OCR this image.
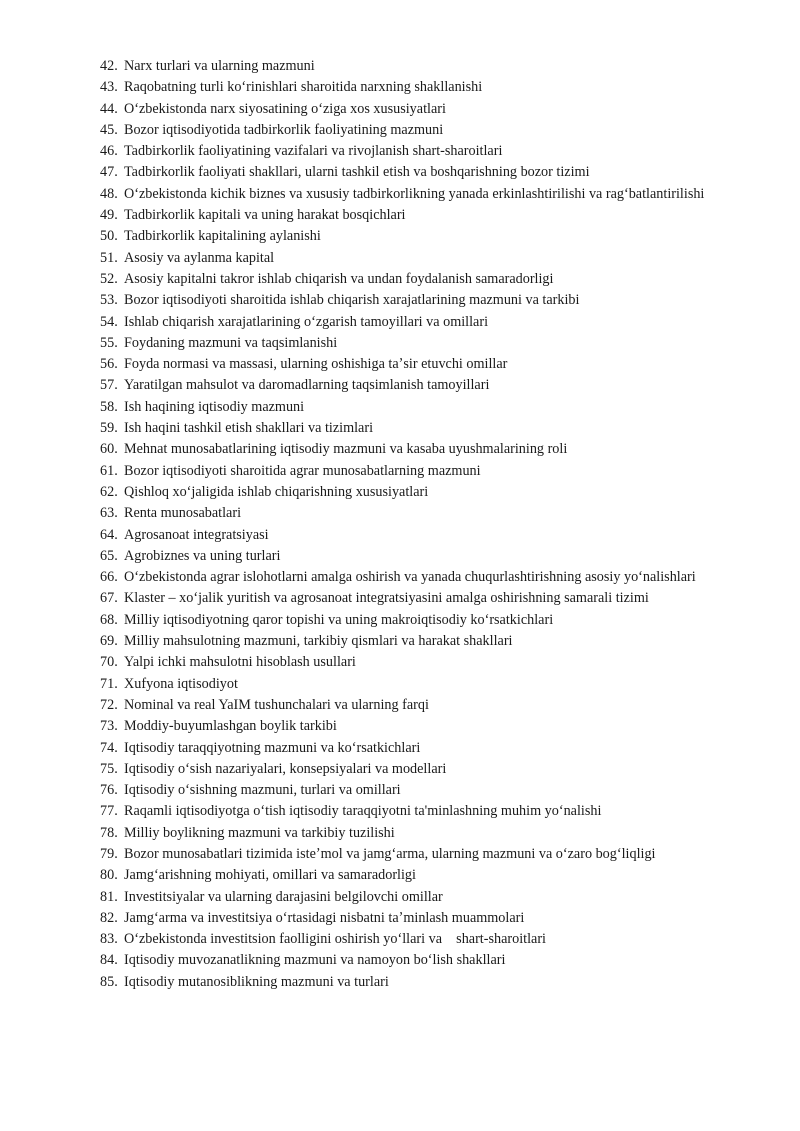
42. Narx turlari va ularning mazmuni
43. Raqobatning turli koʻrinishlari sharoitida narxning shakllanishi
44. Oʻzbekistonda narx siyosatining oʻziga xos xususiyatlari
45. Bozor iqtisodiyotida tadbirkorlik faoliyatining mazmuni
46. Tadbirkorlik faoliyatining vazifalari va rivojlanish shart-sharoitlari
47. Tadbirkorlik faoliyati shakllari, ularni tashkil etish va boshqarishning bozor tizimi
48. Oʻzbekistonda kichik biznes va xususiy tadbirkorlikning yanada erkinlashtirilishi va ragʻbatlantirilishi
49. Tadbirkorlik kapitali va uning harakat bosqichlari
50. Tadbirkorlik kapitalining aylanishi
51. Asosiy va aylanma kapital
52. Asosiy kapitalni takror ishlab chiqarish va undan foydalanish samaradorligi
53. Bozor iqtisodiyoti sharoitida ishlab chiqarish xarajatlarining mazmuni va tarkibi
54. Ishlab chiqarish xarajatlarining oʻzgarish tamoyillari va omillari
55. Foydaning mazmuni va taqsimlanishi
56. Foyda normasi va massasi, ularning oshishiga taʼsir etuvchi omillar
57. Yaratilgan mahsulot va daromadlarning taqsimlanish tamoyillari
58. Ish haqining iqtisodiy mazmuni
59. Ish haqini tashkil etish shakllari va tizimlari
60. Mehnat munosabatlarining iqtisodiy mazmuni va kasaba uyushmalarining roli
61. Bozor iqtisodiyoti sharoitida agrar munosabatlarning mazmuni
62. Qishloq xoʻjaligida ishlab chiqarishning xususiyatlari
63. Renta munosabatlari
64. Agrosanoat integratsiyasi
65. Agrobiznes va uning turlari
66. Oʻzbekistonda agrar islohotlarni amalga oshirish va yanada chuqurlashtirishning asosiy yoʻnalishlari
67. Klaster – xoʻjalik yuritish va agrosanoat integratsiyasini amalga oshirishning samarali tizimi
68. Milliy iqtisodiyotning qaror topishi va uning makroiqtisodiy koʻrsatkichlari
69. Milliy mahsulotning mazmuni, tarkibiy qismlari va harakat shakllari
70. Yalpi ichki mahsulotni hisoblash usullari
71. Xufyona iqtisodiyot
72. Nominal va real YaIM tushunchalari va ularning farqi
73. Moddiy-buyumlashgan boylik tarkibi
74. Iqtisodiy taraqqiyotning mazmuni va koʻrsatkichlari
75. Iqtisodiy oʻsish nazariyalari, konsepsiyalari va modellari
76. Iqtisodiy oʻsishning mazmuni, turlari va omillari
77. Raqamli iqtisodiyotga oʻtish iqtisodiy taraqqiyotni ta'minlashning muhim yoʻnalishi
78. Milliy boylikning mazmuni va tarkibiy tuzilishi
79. Bozor munosabatlari tizimida isteʼmol va jamgʻarma, ularning mazmuni va oʻzaro bogʻliqligi
80. Jamgʻarishning mohiyati, omillari va samaradorligi
81. Investitsiyalar va ularning darajasini belgilovchi omillar
82. Jamgʻarma va investitsiya oʻrtasidagi nisbatni taʼminlash muammolari
83. Oʻzbekistonda investitsion faolligini oshirish yoʻllari va    shart-sharoitlari
84. Iqtisodiy muvozanatlikning mazmuni va namoyon boʻlish shakllari
85. Iqtisodiy mutanosiblikning mazmuni va turlari
